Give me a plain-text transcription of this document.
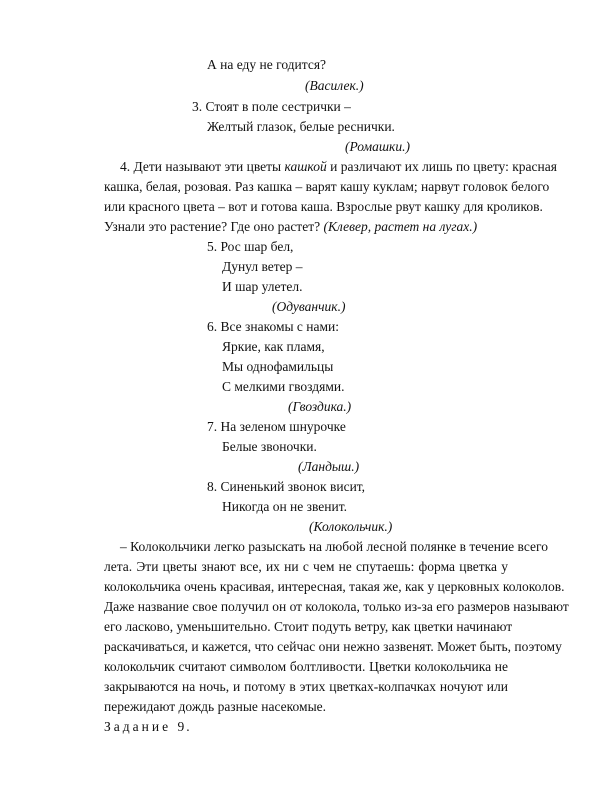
А на еду не годится?
(Василек.)
3. Стоят в поле сестрички –
Желтый глазок, белые реснички.
(Ромашки.)
4. Дети называют эти цветы кашкой и различают их лишь по цвету: красная
кашка, белая, розовая. Раз кашка – варят кашу куклам; нарвут головок белого
или красного цвета – вот и готова каша. Взрослые рвут кашку для кроликов.
Узнали это растение? Где оно растет? (Клевер, растет на лугах.)
5. Рос шар бел,
Дунул ветер –
И шар улетел.
(Одуванчик.)
6. Все знакомы с нами:
Яркие, как пламя,
Мы однофамильцы
С мелкими гвоздями.
(Гвоздика.)
7. На зеленом шнурочке
Белые звоночки.
(Ландыш.)
8. Синенький звонок висит,
Никогда он не звенит.
(Колокольчик.)
– Колокольчики легко разыскать на любой лесной полянке в течение всего
лета. Эти цветы знают все, их ни с чем не спутаешь: форма цветка у
колокольчика очень красивая, интересная, такая же, как у церковных колоколов.
Даже название свое получил он от колокола, только из-за его размеров называют
его ласково, уменьшительно. Стоит подуть ветру, как цветки начинают
раскачиваться, и кажется, что сейчас они нежно зазвенят. Может быть, поэтому
колокольчик считают символом болтливости. Цветки колокольчика не
закрываются на ночь, и потому в этих цветках-колпачках ночуют или
пережидают дождь разные насекомые.
Задание 9.
